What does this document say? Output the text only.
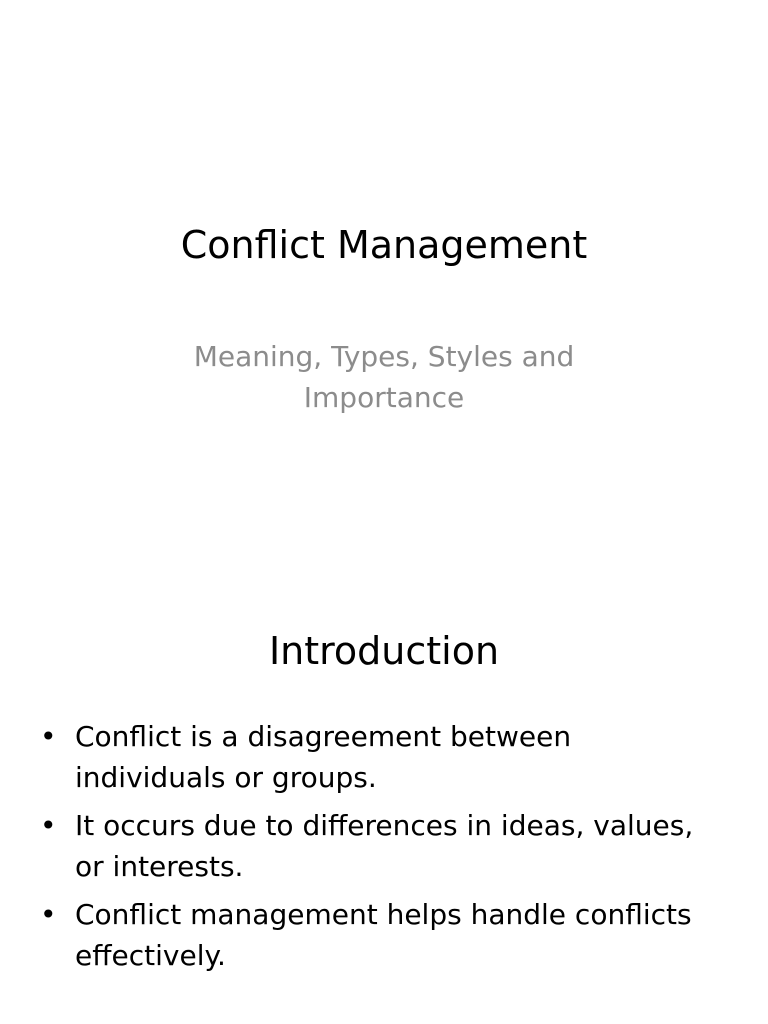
Conflict Management

Meaning, Types, Styles and Importance

Introduction
• Conflict is a disagreement between individuals or groups.
• It occurs due to differences in ideas, values, or interests.
• Conflict management helps handle conflicts effectively.
